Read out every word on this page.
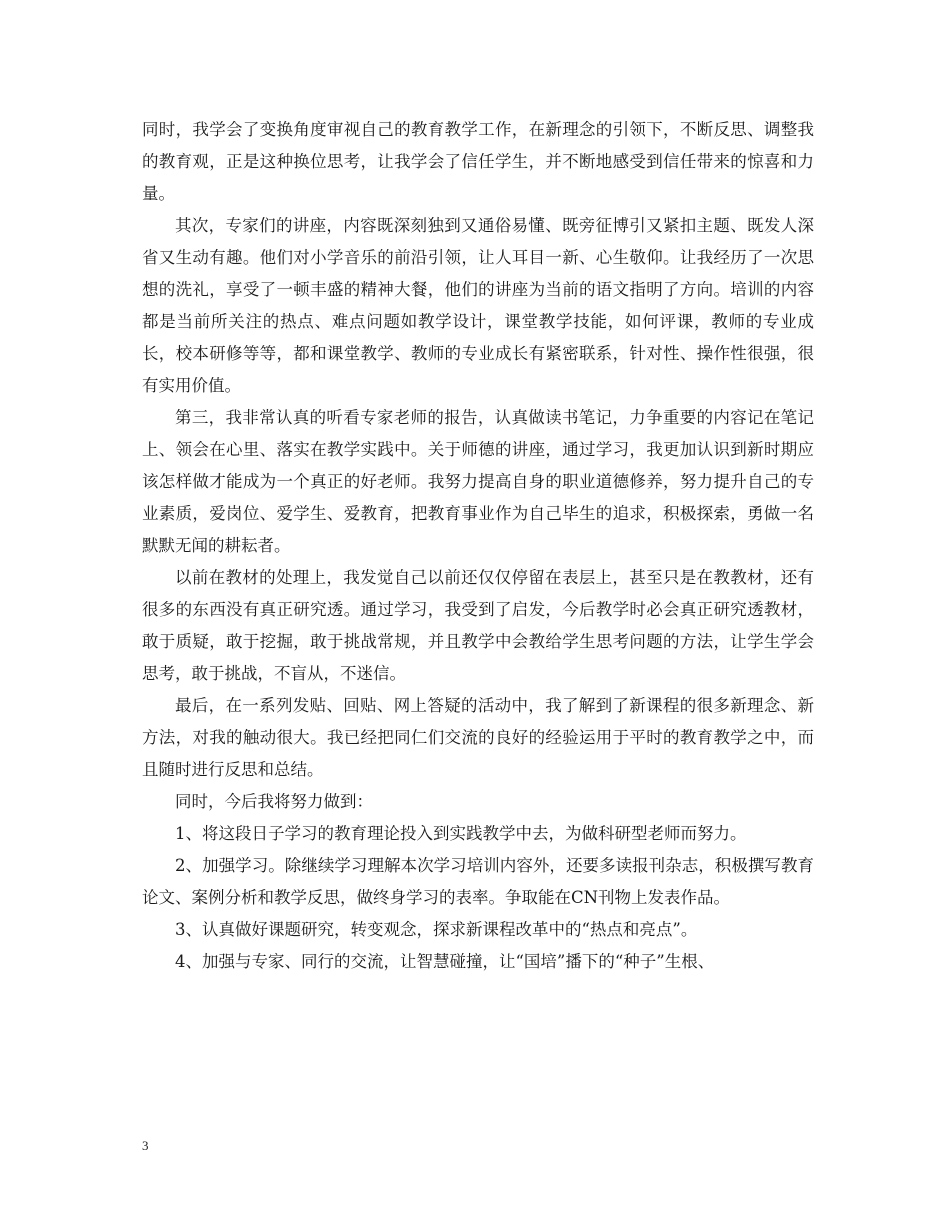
同时，我学会了变换角度审视自己的教育教学工作，在新理念的引领下，不断反思、调整我的教育观，正是这种换位思考，让我学会了信任学生，并不断地感受到信任带来的惊喜和力量。

其次，专家们的讲座，内容既深刻独到又通俗易懂、既旁征博引又紧扣主题、既发人深省又生动有趣。他们对小学音乐的前沿引领，让人耳目一新、心生敬仰。让我经历了一次思想的洗礼，享受了一顿丰盛的精神大餐，他们的讲座为当前的语文指明了方向。培训的内容都是当前所关注的热点、难点问题如教学设计，课堂教学技能，如何评课，教师的专业成长，校本研修等等，都和课堂教学、教师的专业成长有紧密联系，针对性、操作性很强，很有实用价值。

第三，我非常认真的听看专家老师的报告，认真做读书笔记，力争重要的内容记在笔记上、领会在心里、落实在教学实践中。关于师德的讲座，通过学习，我更加认识到新时期应该怎样做才能成为一个真正的好老师。我努力提高自身的职业道德修养，努力提升自己的专业素质，爱岗位、爱学生、爱教育，把教育事业作为自己毕生的追求，积极探索，勇做一名默默无闻的耕耘者。

以前在教材的处理上，我发觉自己以前还仅仅停留在表层上，甚至只是在教教材，还有很多的东西没有真正研究透。通过学习，我受到了启发，今后教学时必会真正研究透教材，敢于质疑，敢于挖掘，敢于挑战常规，并且教学中会教给学生思考问题的方法，让学生学会思考，敢于挑战，不盲从，不迷信。

最后，在一系列发贴、回贴、网上答疑的活动中，我了解到了新课程的很多新理念、新方法，对我的触动很大。我已经把同仁们交流的良好的经验运用于平时的教育教学之中，而且随时进行反思和总结。

同时，今后我将努力做到：

1、将这段日子学习的教育理论投入到实践教学中去，为做科研型老师而努力。

2、加强学习。除继续学习理解本次学习培训内容外，还要多读报刊杂志，积极撰写教育论文、案例分析和教学反思，做终身学习的表率。争取能在CN刊物上发表作品。

3、认真做好课题研究，转变观念，探求新课程改革中的“热点和亮点”。

4、加强与专家、同行的交流，让智慧碰撞，让“国培”播下的“种子”生根、

3
